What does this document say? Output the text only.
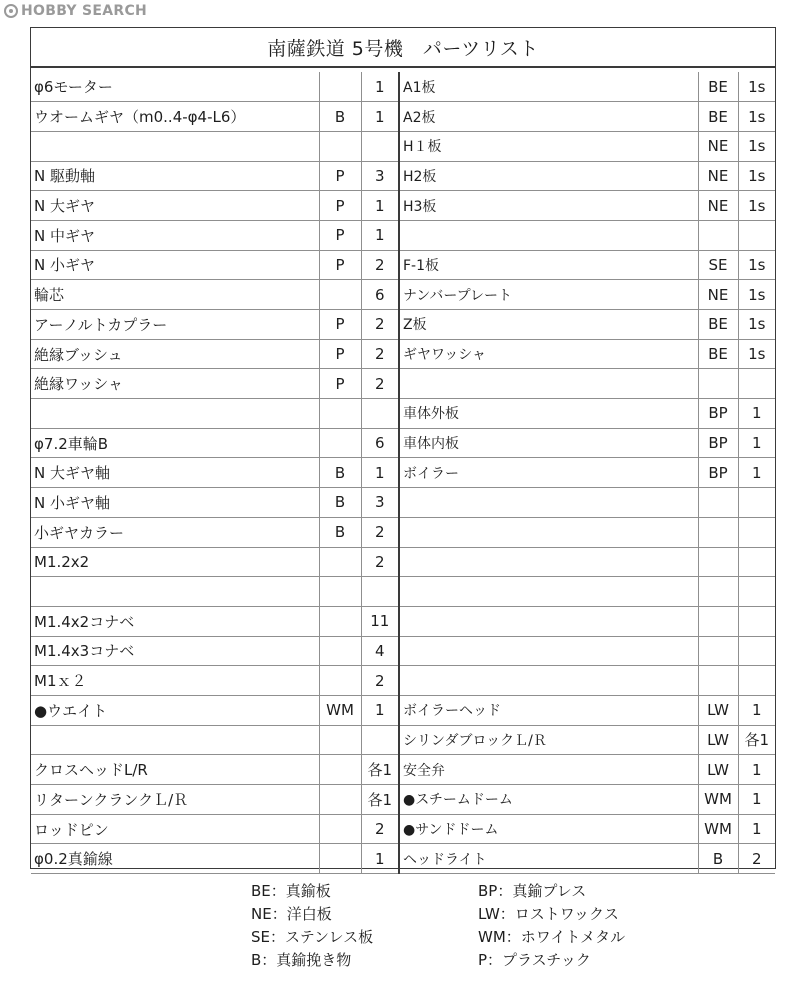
HOBBY SEARCH
南薩鉄道 5号機　パーツリスト
φ6モーター		1	A1板	BE	1s
ウオームギヤ（m0..4-φ4-L6）	B	1	A2板	BE	1s
			H１板	NE	1s
N 駆動軸	P	3	H2板	NE	1s
N 大ギヤ	P	1	H3板	NE	1s
N 中ギヤ	P	1			
N 小ギヤ	P	2	F-1板	SE	1s
輪芯		6	ナンバープレート	NE	1s
アーノルトカプラー	P	2	Z板	BE	1s
絶縁ブッシュ	P	2	ギヤワッシャ	BE	1s
絶縁ワッシャ	P	2			
			車体外板	BP	1
φ7.2車輪B		6	車体内板	BP	1
N 大ギヤ軸	B	1	ボイラー	BP	1
N 小ギヤ軸	B	3			
小ギヤカラー	B	2			
M1.2x2		2			

M1.4x2コナベ		11			
M1.4x3コナベ		4			
M1ｘ２		2			
●ウエイト	WM	1	ボイラーヘッド	LW	1
			シリンダブロックＬ/Ｒ	LW	各1
クロスヘッドL/R		各1	安全弁	LW	1
リターンクランクＬ/Ｒ		各1	●スチームドーム	WM	1
ロッドピン		2	●サンドドーム	WM	1
φ0.2真鍮線		1	ヘッドライト	B	2
BE：真鍮板
NE：洋白板
SE：ステンレス板
B：真鍮挽き物
BP：真鍮プレス
LW：ロストワックス
WM：ホワイトメタル
P：プラスチック
